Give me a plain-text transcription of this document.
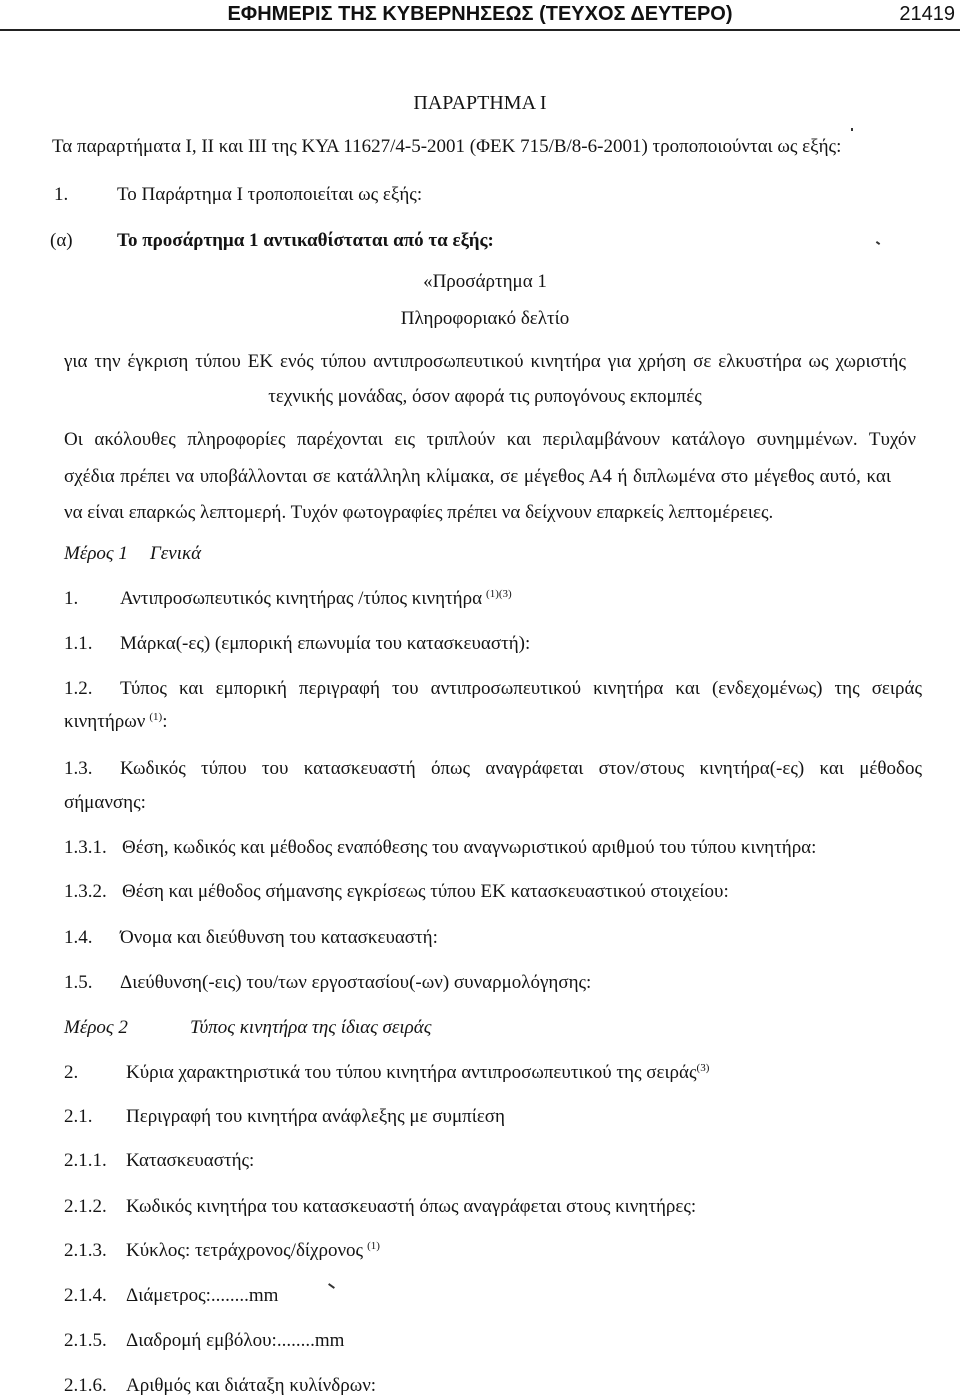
ΕΦΗΜΕΡΙΣ ΤΗΣ ΚΥΒΕΡΝΗΣΕΩΣ (ΤΕΥΧΟΣ ΔΕΥΤΕΡΟ)	21419
ΠΑΡΑΡΤΗΜΑ Ι
Τα παραρτήματα Ι, ΙΙ και ΙΙΙ της ΚΥΑ 11627/4-5-2001 (ΦΕΚ 715/Β/8-6-2001) τροποποιούνται ως εξής:
1.	Το Παράρτημα Ι τροποποιείται ως εξής:
(α) Το προσάρτημα 1 αντικαθίσταται από τα εξής:
«Προσάρτημα 1
Πληροφοριακό δελτίο
για την έγκριση τύπου ΕΚ ενός τύπου αντιπροσωπευτικού κινητήρα για χρήση σε ελκυστήρα ως χωριστής
τεχνικής μονάδας, όσον αφορά τις ρυπογόνους εκπομπές
Οι ακόλουθες πληροφορίες παρέχονται εις τριπλούν και περιλαμβάνουν κατάλογο συνημμένων. Τυχόν
σχέδια πρέπει να υποβάλλονται σε κατάλληλη κλίμακα, σε μέγεθος Α4 ή διπλωμένα στο μέγεθος αυτό, και
να είναι επαρκώς λεπτομερή. Τυχόν φωτογραφίες πρέπει να δείχνουν επαρκείς λεπτομέρειες.
Μέρος 1 Γενικά
1. Αντιπροσωπευτικός κινητήρας /τύπος κινητήρα $^{(1)(3)}$
1.1. Μάρκα(-ες) (εμπορική επωνυμία του κατασκευαστή):
1.2. Τύπος και εμπορική περιγραφή του αντιπροσωπευτικού κινητήρα και (ενδεχομένως) της σειράς
κινητήρων $^{(1)}$:
1.3. Κωδικός τύπου του κατασκευαστή όπως αναγράφεται στον/στους κινητήρα(-ες) και μέθοδος
σήμανσης:
1.3.1. Θέση, κωδικός και μέθοδος εναπόθεσης του αναγνωριστικού αριθμού του τύπου κινητήρα:
1.3.2. Θέση και μέθοδος σήμανσης εγκρίσεως τύπου ΕΚ κατασκευαστικού στοιχείου:
1.4. Όνομα και διεύθυνση του κατασκευαστή:
1.5. Διεύθυνση(-εις) του/των εργοστασίου(-ων) συναρμολόγησης:
Μέρος 2	Τύπος κινητήρα της ίδιας σειράς
2.	Κύρια χαρακτηριστικά του τύπου κινητήρα αντιπροσωπευτικού της σειράς$^{(3)}$
2.1. Περιγραφή του κινητήρα ανάφλεξης με συμπίεση
2.1.1. Κατασκευαστής:
2.1.2. Κωδικός κινητήρα του κατασκευαστή όπως αναγράφεται στους κινητήρες:
2.1.3. Κύκλος: τετράχρονος/δίχρονος $^{(1)}$
2.1.4. Διάμετρος:........mm
2.1.5. Διαδρομή εμβόλου:........mm
2.1.6. Αριθμός και διάταξη κυλίνδρων:
